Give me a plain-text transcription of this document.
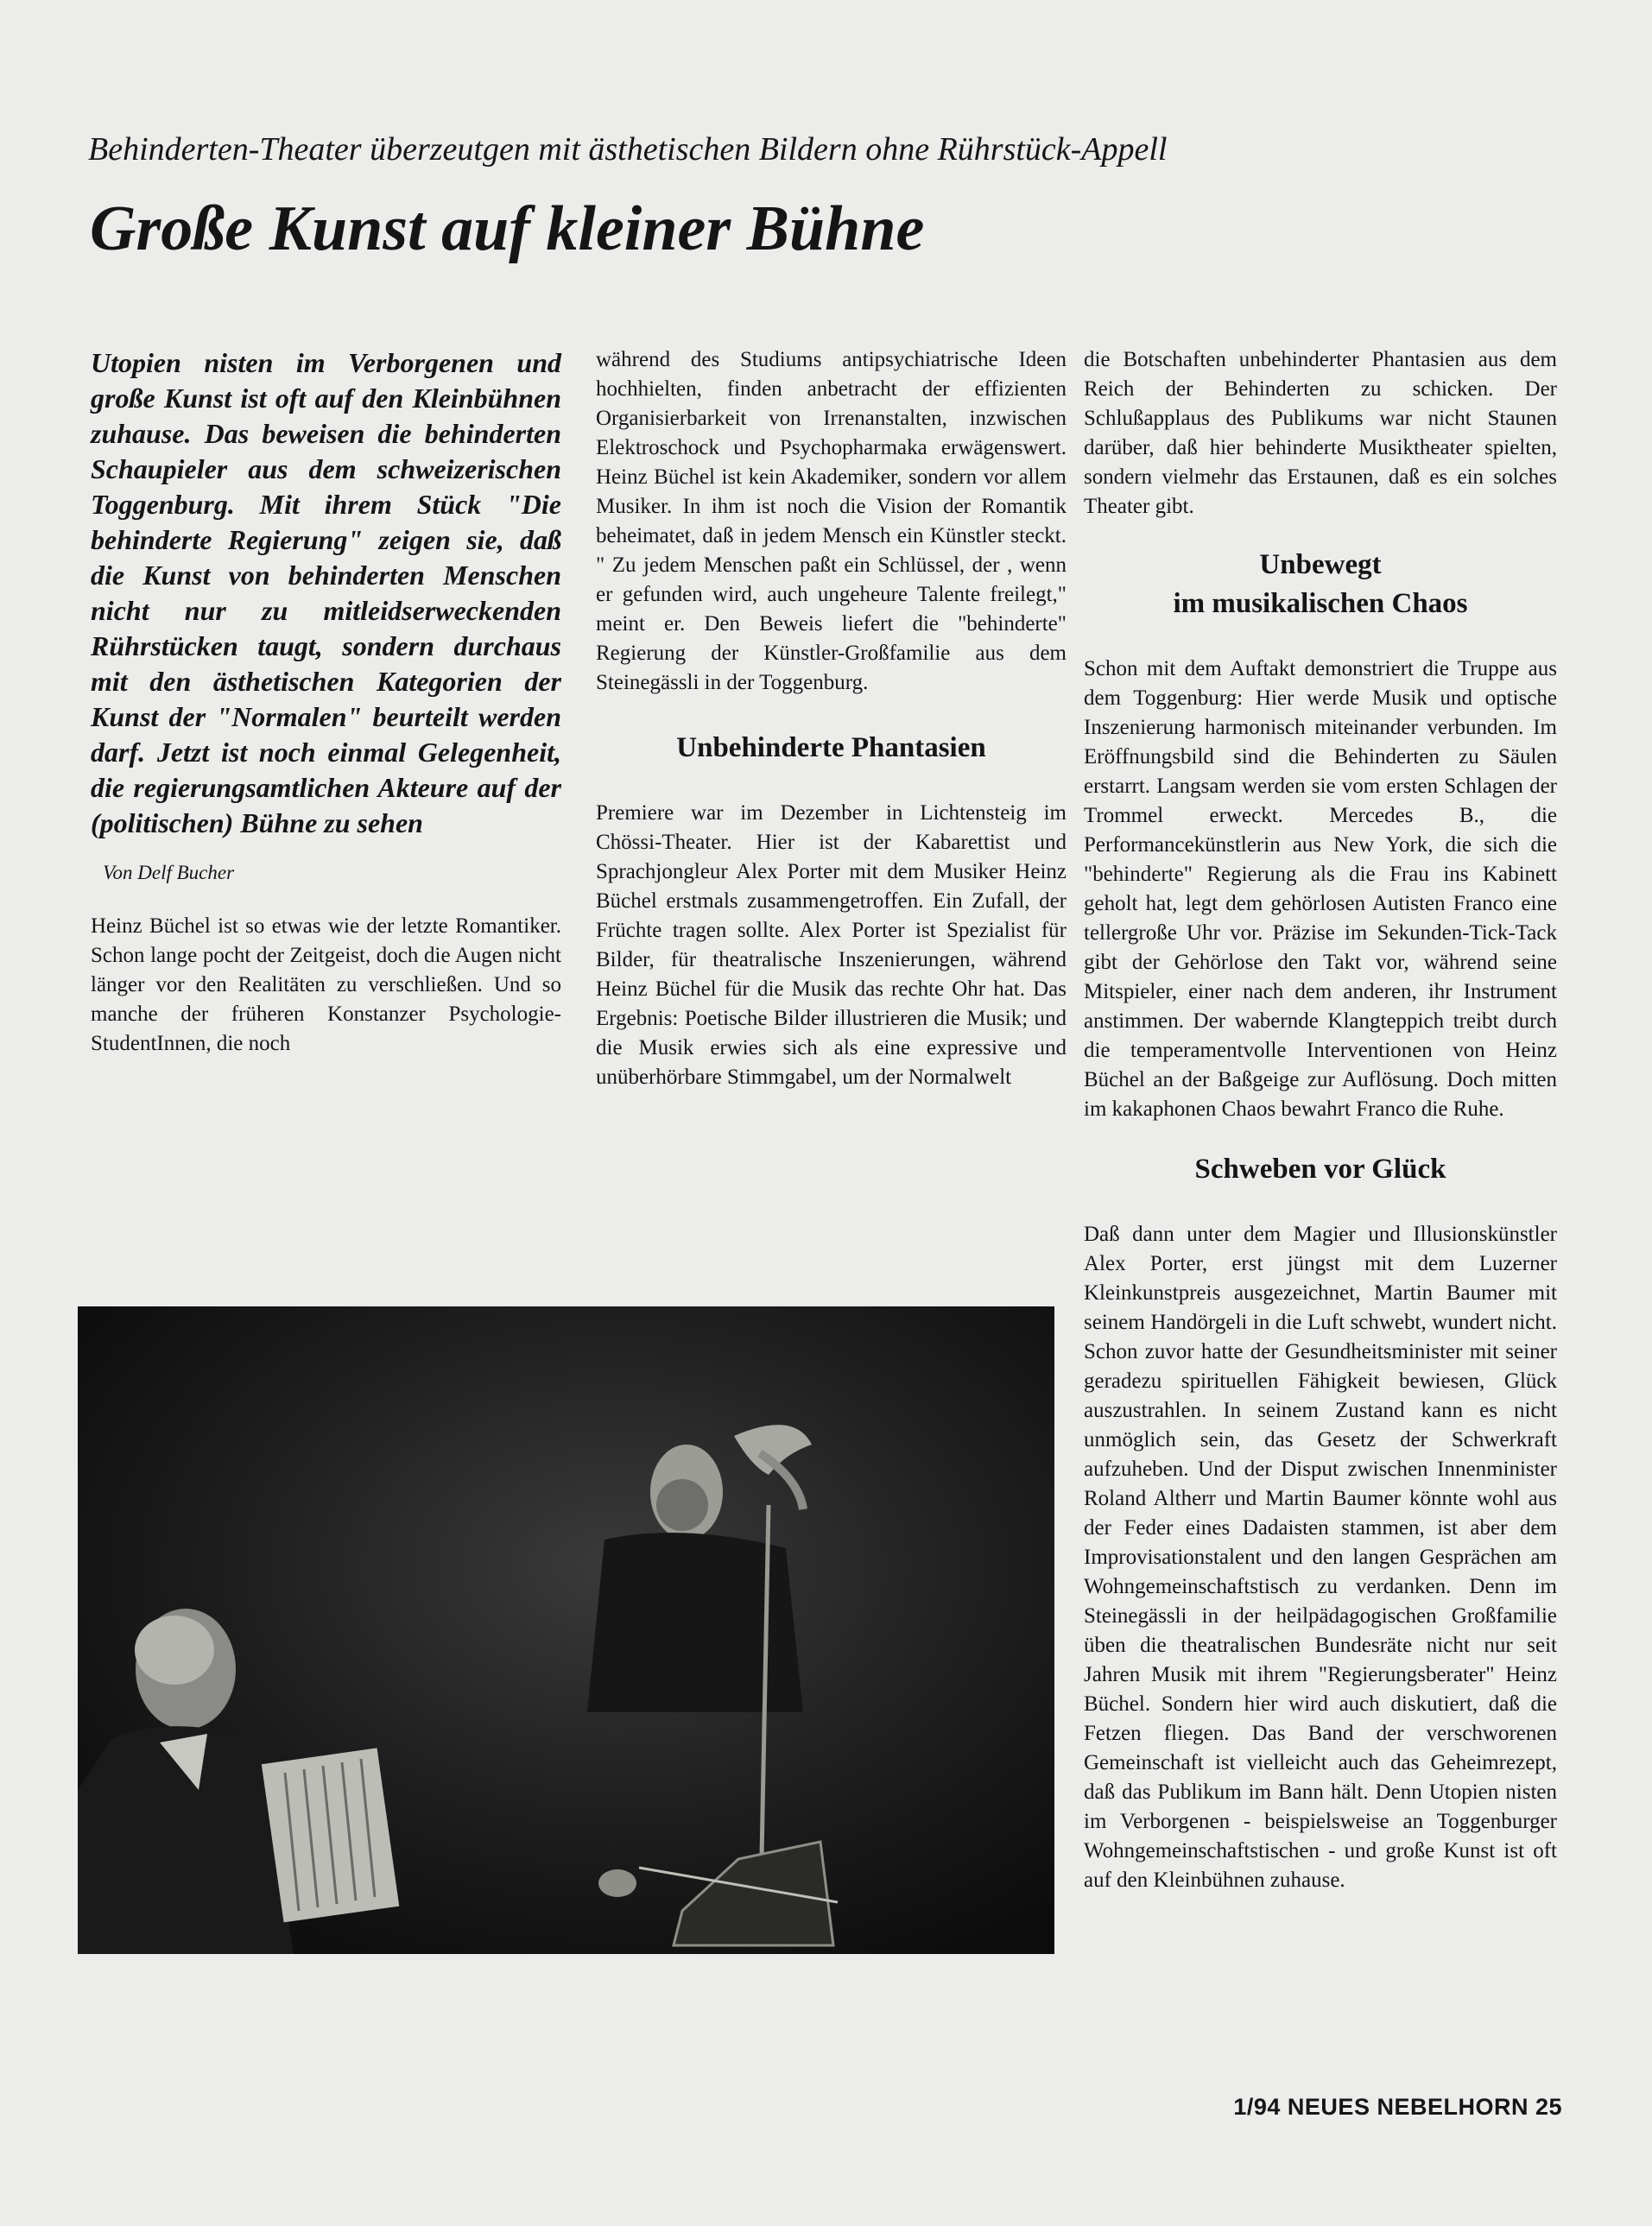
Behinderten-Theater überzeutgen mit ästhetischen Bildern ohne Rührstück-Appell
Große Kunst auf kleiner Bühne

Utopien nisten im Verborgenen und große Kunst ist oft auf den Kleinbühnen zuhause. Das beweisen die behinderten Schaupieler aus dem schweizerischen Toggenburg. Mit ihrem Stück "Die behinderte Regierung" zeigen sie, daß die Kunst von behinderten Menschen nicht nur zu mitleidserweckenden Rührstücken taugt, sondern durchaus mit den ästhetischen Kategorien der Kunst der "Normalen" beurteilt werden darf. Jetzt ist noch einmal Gelegenheit, die regierungsamtlichen Akteure auf der (politischen) Bühne zu sehen

Von Delf Bucher

Heinz Büchel ist so etwas wie der letzte Romantiker. Schon lange pocht der Zeitgeist, doch die Augen nicht länger vor den Realitäten zu verschließen. Und so manche der früheren Konstanzer Psychologie-StudentInnen, die noch

während des Studiums antipsychiatrische Ideen hochhielten, finden anbetracht der effizienten Organisierbarkeit von Irrenanstalten, inzwischen Elektroschock und Psychopharmaka erwägenswert. Heinz Büchel ist kein Akademiker, sondern vor allem Musiker. In ihm ist noch die Vision der Romantik beheimatet, daß in jedem Mensch ein Künstler steckt. " Zu jedem Menschen paßt ein Schlüssel, der , wenn er gefunden wird, auch ungeheure Talente freilegt," meint er. Den Beweis liefert die "behinderte" Regierung der Künstler-Großfamilie aus dem Steinegässli in der Toggenburg.

Unbehinderte Phantasien

Premiere war im Dezember in Lichtensteig im Chössi-Theater. Hier ist der Kabarettist und Sprachjongleur Alex Porter mit dem Musiker Heinz Büchel erstmals zusammengetroffen. Ein Zufall, der Früchte tragen sollte. Alex Porter ist Spezialist für Bilder, für theatralische Inszenierungen, während Heinz Büchel für die Musik das rechte Ohr hat. Das Ergebnis: Poetische Bilder illustrieren die Musik; und die Musik erwies sich als eine expressive und unüberhörbare Stimmgabel, um der Normalwelt

die Botschaften unbehinderter Phantasien aus dem Reich der Behinderten zu schicken. Der Schlußapplaus des Publikums war nicht Staunen darüber, daß hier behinderte Musiktheater spielten, sondern vielmehr das Erstaunen, daß es ein solches Theater gibt.

Unbewegt
im musikalischen Chaos

Schon mit dem Auftakt demonstriert die Truppe aus dem Toggenburg: Hier werde Musik und optische Inszenierung harmonisch miteinander verbunden. Im Eröffnungsbild sind die Behinderten zu Säulen erstarrt. Langsam werden sie vom ersten Schlagen der Trommel erweckt. Mercedes B., die Performancekünstlerin aus New York, die sich die "behinderte" Regierung als die Frau ins Kabinett geholt hat, legt dem gehörlosen Autisten Franco eine tellergroße Uhr vor. Präzise im Sekunden-Tick-Tack gibt der Gehörlose den Takt vor, während seine Mitspieler, einer nach dem anderen, ihr Instrument anstimmen. Der wabernde Klangteppich treibt durch die temperamentvolle Interventionen von Heinz Büchel an der Baßgeige zur Auflösung. Doch mitten im kakaphonen Chaos bewahrt Franco die Ruhe.

Schweben vor Glück

Daß dann unter dem Magier und Illusionskünstler Alex Porter, erst jüngst mit dem Luzerner Kleinkunstpreis ausgezeichnet, Martin Baumer mit seinem Handörgeli in die Luft schwebt, wundert nicht. Schon zuvor hatte der Gesundheitsminister mit seiner geradezu spirituellen Fähigkeit bewiesen, Glück auszustrahlen. In seinem Zustand kann es nicht unmöglich sein, das Gesetz der Schwerkraft aufzuheben. Und der Disput zwischen Innenminister Roland Altherr und Martin Baumer könnte wohl aus der Feder eines Dadaisten stammen, ist aber dem Improvisationstalent und den langen Gesprächen am Wohngemeinschaftstisch zu verdanken. Denn im Steinegässli in der heilpädagogischen Großfamilie üben die theatralischen Bundesräte nicht nur seit Jahren Musik mit ihrem "Regierungsberater" Heinz Büchel. Sondern hier wird auch diskutiert, daß die Fetzen fliegen. Das Band der verschworenen Gemeinschaft ist vielleicht auch das Geheimrezept, daß das Publikum im Bann hält. Denn Utopien nisten im Verborgenen - beispielsweise an Toggenburger Wohngemeinschaftstischen - und große Kunst ist oft auf den Kleinbühnen zuhause.

1/94 NEUES NEBELHORN 25
